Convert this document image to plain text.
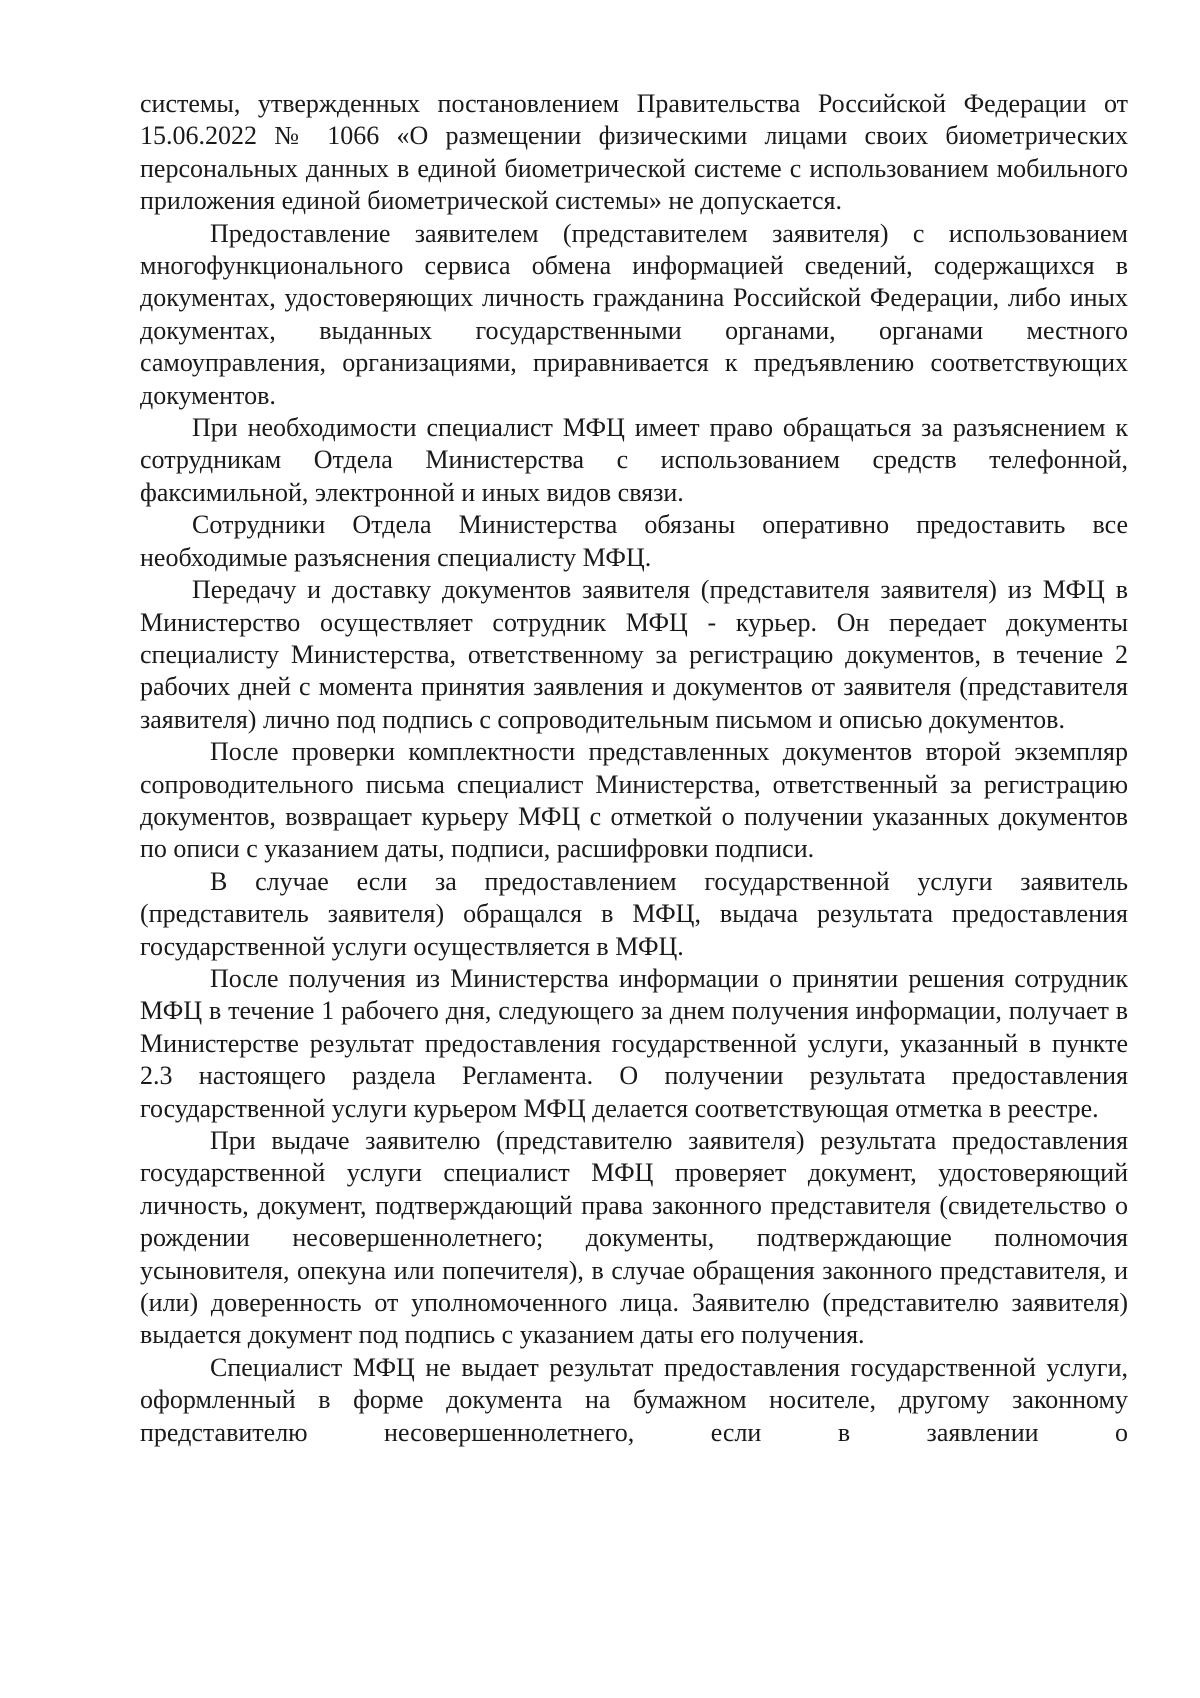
системы, утвержденных постановлением Правительства Российской Федерации от 15.06.2022 № 1066 «О размещении физическими лицами своих биометрических персональных данных в единой биометрической системе с использованием мобильного приложения единой биометрической системы» не допускается.

Предоставление заявителем (представителем заявителя) с использованием многофункционального сервиса обмена информацией сведений, содержащихся в документах, удостоверяющих личность гражданина Российской Федерации, либо иных документах, выданных государственными органами, органами местного самоуправления, организациями, приравнивается к предъявлению соответствующих документов.

При необходимости специалист МФЦ имеет право обращаться за разъяснением к сотрудникам Отдела Министерства с использованием средств телефонной, факсимильной, электронной и иных видов связи.

Сотрудники Отдела Министерства обязаны оперативно предоставить все необходимые разъяснения специалисту МФЦ.

Передачу и доставку документов заявителя (представителя заявителя) из МФЦ в Министерство осуществляет сотрудник МФЦ - курьер. Он передает документы специалисту Министерства, ответственному за регистрацию документов, в течение 2 рабочих дней с момента принятия заявления и документов от заявителя (представителя заявителя) лично под подпись с сопроводительным письмом и описью документов.

После проверки комплектности представленных документов второй экземпляр сопроводительного письма специалист Министерства, ответственный за регистрацию документов, возвращает курьеру МФЦ с отметкой о получении указанных документов по описи с указанием даты, подписи, расшифровки подписи.

В случае если за предоставлением государственной услуги заявитель (представитель заявителя) обращался в МФЦ, выдача результата предоставления государственной услуги осуществляется в МФЦ.

После получения из Министерства информации о принятии решения сотрудник МФЦ в течение 1 рабочего дня, следующего за днем получения информации, получает в Министерстве результат предоставления государственной услуги, указанный в пункте 2.3 настоящего раздела Регламента. О получении результата предоставления государственной услуги курьером МФЦ делается соответствующая отметка в реестре.

При выдаче заявителю (представителю заявителя) результата предоставления государственной услуги специалист МФЦ проверяет документ, удостоверяющий личность, документ, подтверждающий права законного представителя (свидетельство о рождении несовершеннолетнего; документы, подтверждающие полномочия усыновителя, опекуна или попечителя), в случае обращения законного представителя, и (или) доверенность от уполномоченного лица. Заявителю (представителю заявителя) выдается документ под подпись с указанием даты его получения.

Специалист МФЦ не выдает результат предоставления государственной услуги, оформленный в форме документа на бумажном носителе, другому законному представителю несовершеннолетнего, если в заявлении о
